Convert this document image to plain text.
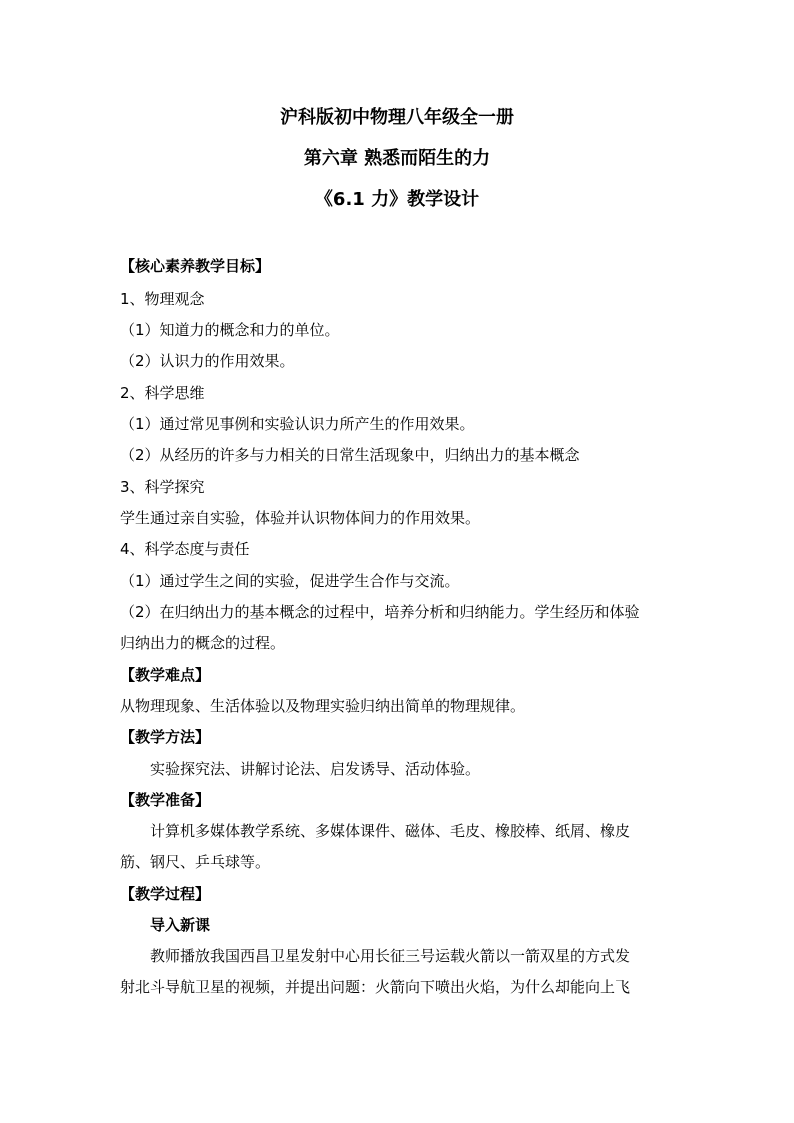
沪科版初中物理八年级全一册
第六章 熟悉而陌生的力
《6.1 力》教学设计
【核心素养教学目标】
1、物理观念
（1）知道力的概念和力的单位。
（2）认识力的作用效果。
2、科学思维
（1）通过常见事例和实验认识力所产生的作用效果。
（2）从经历的许多与力相关的日常生活现象中，归纳出力的基本概念
3、科学探究
学生通过亲自实验，体验并认识物体间力的作用效果。
4、科学态度与责任
（1）通过学生之间的实验，促进学生合作与交流。
（2）在归纳出力的基本概念的过程中，培养分析和归纳能力。学生经历和体验
归纳出力的概念的过程。
【教学难点】
从物理现象、生活体验以及物理实验归纳出简单的物理规律。
【教学方法】
实验探究法、讲解讨论法、启发诱导、活动体验。
【教学准备】
计算机多媒体教学系统、多媒体课件、磁体、毛皮、橡胶棒、纸屑、橡皮
筋、钢尺、乒乓球等。
【教学过程】
导入新课
教师播放我国西昌卫星发射中心用长征三号运载火箭以一箭双星的方式发
射北斗导航卫星的视频，并提出问题：火箭向下喷出火焰，为什么却能向上飞
